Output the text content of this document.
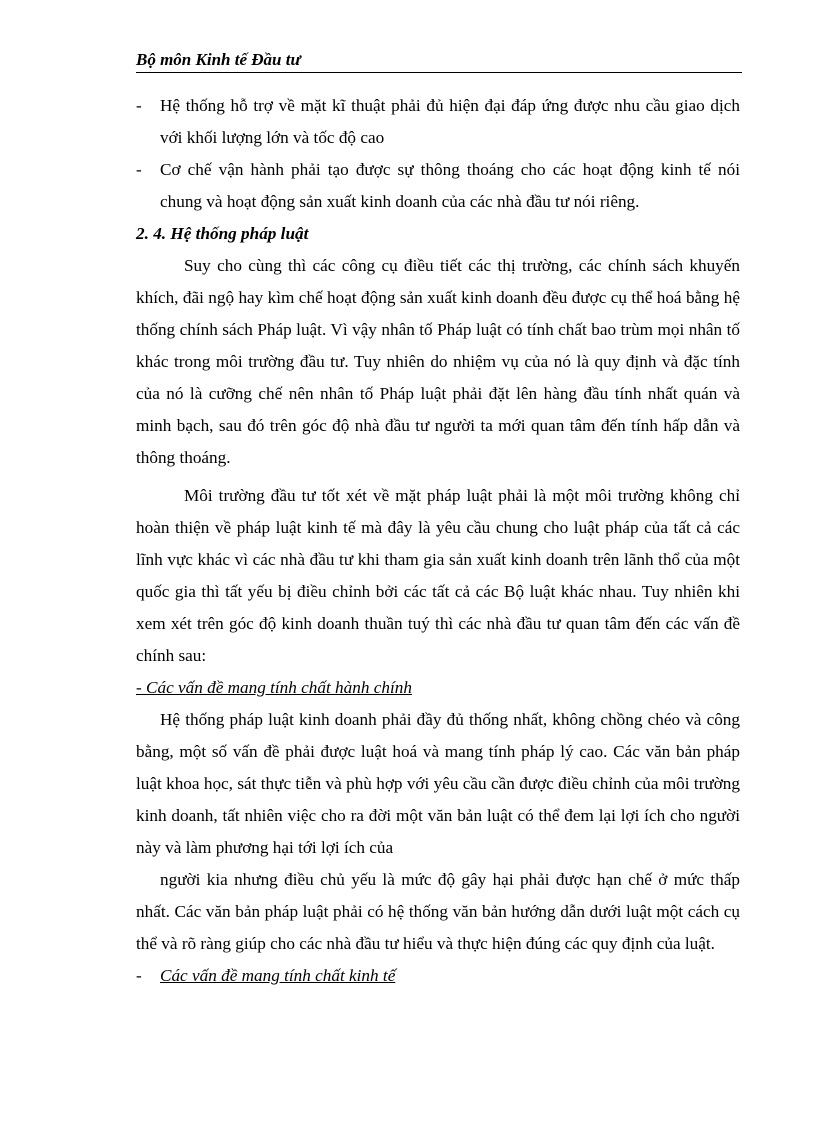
Bộ môn Kinh tế Đầu tư
-	Hệ thống hỗ trợ về mặt kĩ thuật phải đủ hiện đại đáp ứng được nhu cầu giao dịch với khối lượng lớn và tốc độ cao
-	Cơ chế vận hành phải tạo được sự thông thoáng cho các hoạt động kinh tế nói chung và hoạt động sản xuất kinh doanh của các nhà đầu tư nói riêng.

2. 4. Hệ thống pháp luật

Suy cho cùng thì các công cụ điều tiết các thị trường, các chính sách khuyến khích, đãi ngộ hay kìm chế hoạt động sản xuất kinh doanh đều được cụ thể hoá bằng hệ thống chính sách Pháp luật. Vì vậy nhân tố Pháp luật có tính chất bao trùm mọi nhân tố khác trong môi trường đầu tư. Tuy nhiên do nhiệm vụ của nó là quy định và đặc tính của nó là cưỡng chế nên nhân tố Pháp luật phải đặt lên hàng đầu tính nhất quán và minh bạch, sau đó trên góc độ nhà đầu tư người ta mới quan tâm đến tính hấp dẫn và thông thoáng.

Môi trường đầu tư tốt xét về mặt pháp luật phải là một môi trường không chỉ hoàn thiện về pháp luật kinh tế mà đây là yêu cầu chung cho luật pháp của tất cả các lĩnh vực khác vì các nhà đầu tư khi tham gia sản xuất kinh doanh trên lãnh thổ của một quốc gia thì tất yếu bị điều chỉnh bởi các tất cả các Bộ luật khác nhau. Tuy nhiên khi xem xét trên góc độ kinh doanh thuần tuý thì các nhà đầu tư quan tâm đến các vấn đề chính sau:

- Các vấn đề mang tính chất hành chính

Hệ thống pháp luật kinh doanh phải đầy đủ thống nhất, không chồng chéo và công bằng, một số vấn đề phải được luật hoá và mang tính pháp lý cao. Các văn bản pháp luật khoa học, sát thực tiễn và phù hợp với yêu cầu cần được điều chỉnh của môi trường kinh doanh, tất nhiên việc cho ra đời một văn bản luật có thể đem lại lợi ích cho người này và làm phương hại tới lợi ích của

người kia nhưng điều chủ yếu là mức độ gây hại phải được hạn chế ở mức thấp nhất. Các văn bản pháp luật phải có hệ thống văn bản hướng dẫn dưới luật một cách cụ thể và rõ ràng giúp cho các nhà đầu tư hiểu và thực hiện đúng các quy định của luật.

-	Các vấn đề mang tính chất kinh tế
